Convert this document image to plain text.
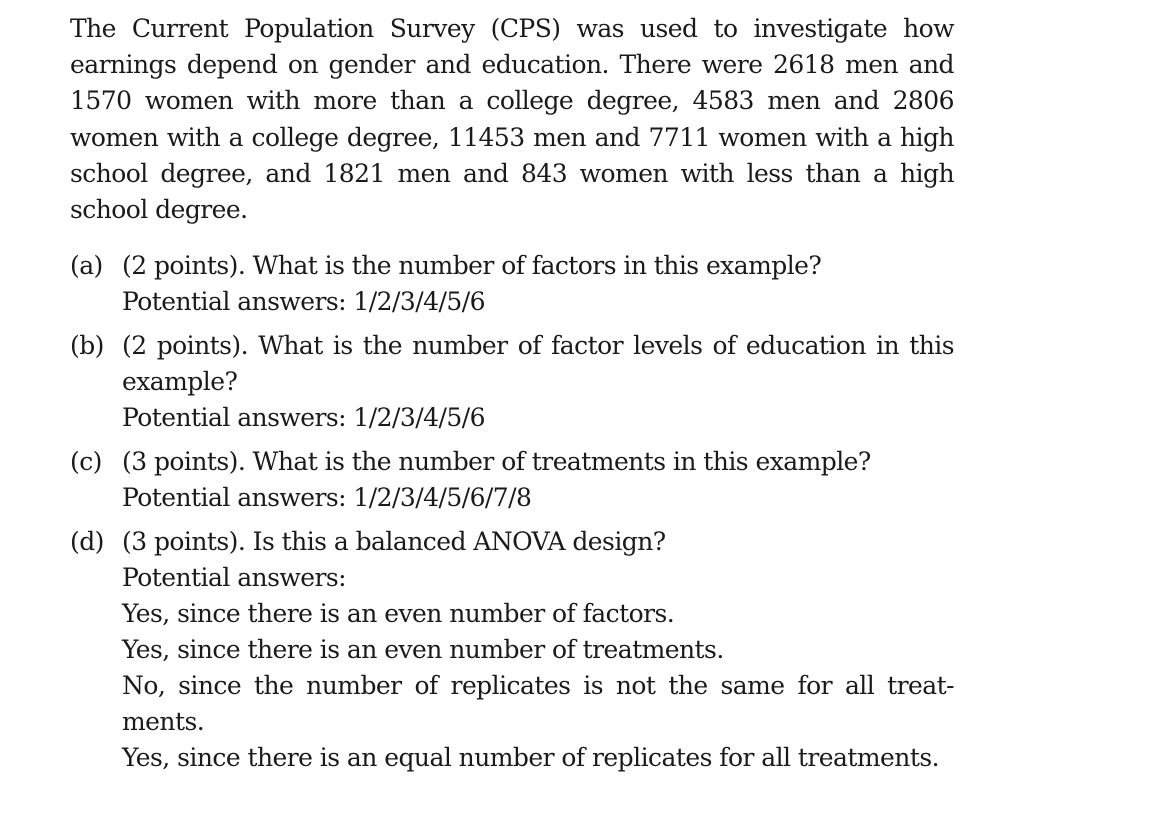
The Current Population Survey (CPS) was used to investigate how earnings depend on gender and education. There were 2618 men and 1570 women with more than a college degree, 4583 men and 2806 women with a college degree, 11453 men and 7711 women with a high school degree, and 1821 men and 843 women with less than a high school degree.

(a) (2 points). What is the number of factors in this example?
Potential answers: 1/2/3/4/5/6
(b) (2 points). What is the number of factor levels of education in this example?
Potential answers: 1/2/3/4/5/6
(c) (3 points). What is the number of treatments in this example?
Potential answers: 1/2/3/4/5/6/7/8
(d) (3 points). Is this a balanced ANOVA design?
Potential answers:
Yes, since there is an even number of factors.
Yes, since there is an even number of treatments.
No, since the number of replicates is not the same for all treat- ments.
Yes, since there is an equal number of replicates for all treatments.
